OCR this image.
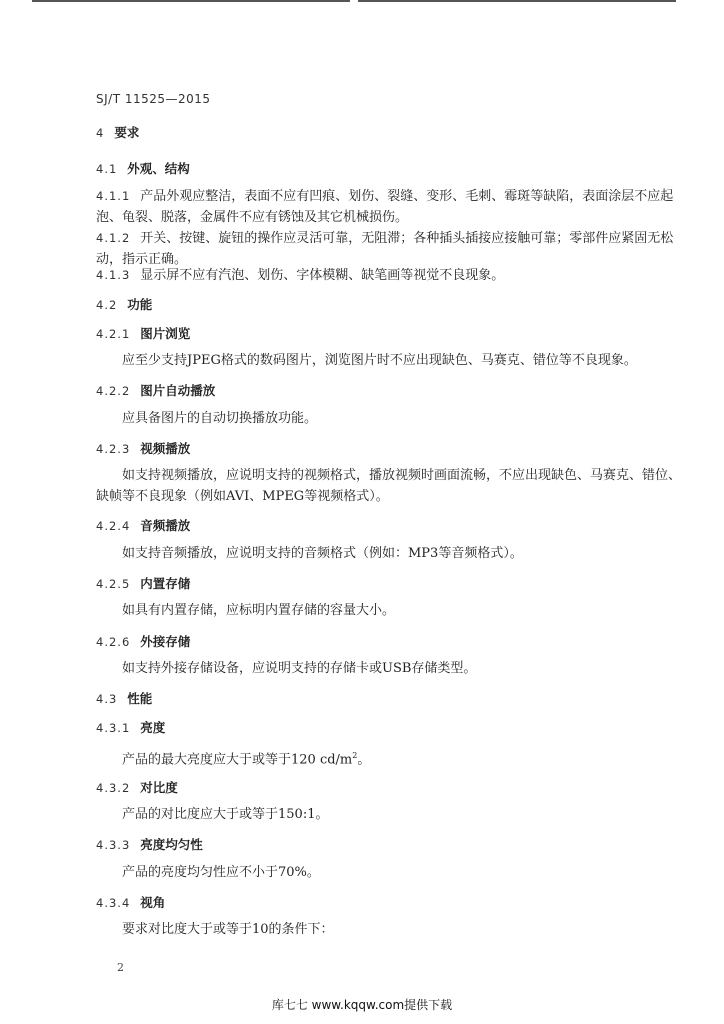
SJ/T 11525—2015
4 要求
4.1 外观、结构
4.1.1 产品外观应整洁，表面不应有凹痕、划伤、裂缝、变形、毛刺、霉斑等缺陷，表面涂层不应起泡、龟裂、脱落，金属件不应有锈蚀及其它机械损伤。
4.1.2 开关、按键、旋钮的操作应灵活可靠，无阻滞；各种插头插接应接触可靠；零部件应紧固无松动，指示正确。
4.1.3 显示屏不应有汽泡、划伤、字体模糊、缺笔画等视觉不良现象。
4.2 功能
4.2.1 图片浏览
应至少支持JPEG格式的数码图片，浏览图片时不应出现缺色、马赛克、错位等不良现象。
4.2.2 图片自动播放
应具备图片的自动切换播放功能。
4.2.3 视频播放
如支持视频播放，应说明支持的视频格式，播放视频时画面流畅，不应出现缺色、马赛克、错位、缺帧等不良现象（例如AVI、MPEG等视频格式）。
4.2.4 音频播放
如支持音频播放，应说明支持的音频格式（例如：MP3等音频格式）。
4.2.5 内置存储
如具有内置存储，应标明内置存储的容量大小。
4.2.6 外接存储
如支持外接存储设备，应说明支持的存储卡或USB存储类型。
4.3 性能
4.3.1 亮度
产品的最大亮度应大于或等于120 $cd/m^2$。
4.3.2 对比度
产品的对比度应大于或等于150:1。
4.3.3 亮度均匀性
产品的亮度均匀性应不小于70%。
4.3.4 视角
要求对比度大于或等于10的条件下：
2
库七七 www.kqqw.com提供下载
